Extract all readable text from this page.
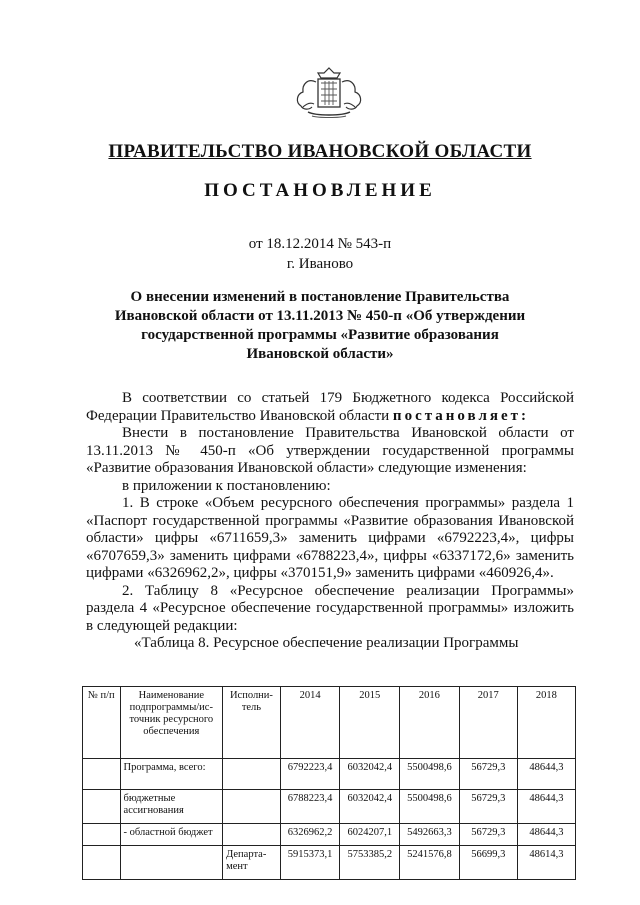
ПРАВИТЕЛЬСТВО ИВАНОВСКОЙ ОБЛАСТИ
ПОСТАНОВЛЕНИЕ
от 18.12.2014 № 543-п
г. Иваново
О внесении изменений в постановление Правительства
Ивановской области от 13.11.2013 № 450-п «Об утверждении
государственной программы «Развитие образования
Ивановской области»

В соответствии со статьей 179 Бюджетного кодекса Российской Федерации Правительство Ивановской области постановляет:

Внести в постановление Правительства Ивановской области от 13.11.2013 № 450-п «Об утверждении государственной программы «Развитие образования Ивановской области» следующие изменения:

в приложении к постановлению:

1. В строке «Объем ресурсного обеспечения программы» раздела 1 «Паспорт государственной программы «Развитие образования Ивановской области» цифры «6711659,3» заменить цифрами «6792223,4», цифры «6707659,3» заменить цифрами «6788223,4», цифры «6337172,6» заменить цифрами «6326962,2», цифры «370151,9» заменить цифрами «460926,4».

2. Таблицу 8 «Ресурсное обеспечение реализации Программы» раздела 4 «Ресурсное обеспечение государственной программы» изложить в следующей редакции:

«Таблица 8. Ресурсное обеспечение реализации Программы

№ п/п	Наименование подпрограммы/ис-точник ресурсного обеспечения	Исполни-тель	2014	2015	2016	2017	2018
	Программа, всего:		6792223,4	6032042,4	5500498,6	56729,3	48644,3
	бюджетные ассигнования		6788223,4	6032042,4	5500498,6	56729,3	48644,3
	- областной бюджет		6326962,2	6024207,1	5492663,3	56729,3	48644,3
		Департа-мент	5915373,1	5753385,2	5241576,8	56699,3	48614,3
